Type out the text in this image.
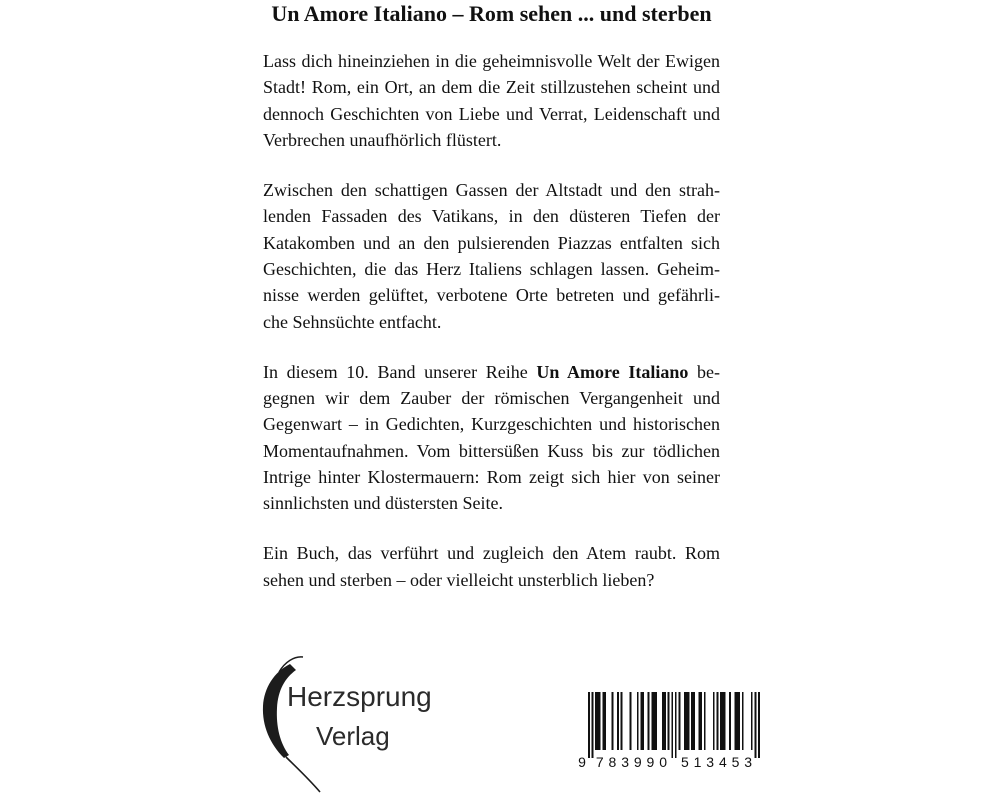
Un Amore Italiano – Rom sehen ... und sterben
Lass dich hineinziehen in die geheimnisvolle Welt der Ewigen
Stadt! Rom, ein Ort, an dem die Zeit stillzustehen scheint und
dennoch Geschichten von Liebe und Verrat, Leidenschaft und
Verbrechen unaufhörlich flüstert.
Zwischen den schattigen Gassen der Altstadt und den strah-
lenden Fassaden des Vatikans, in den düsteren Tiefen der
Katakomben und an den pulsierenden Piazzas entfalten sich
Geschichten, die das Herz Italiens schlagen lassen. Geheim-
nisse werden gelüftet, verbotene Orte betreten und gefährli-
che Sehnsüchte entfacht.
In diesem 10. Band unserer Reihe Un Amore Italiano be-
gegnen wir dem Zauber der römischen Vergangenheit und
Gegenwart – in Gedichten, Kurzgeschichten und historischen
Momentaufnahmen. Vom bittersüßen Kuss bis zur tödlichen
Intrige hinter Klostermauern: Rom zeigt sich hier von seiner
sinnlichsten und düstersten Seite.
Ein Buch, das verführt und zugleich den Atem raubt. Rom
sehen und sterben – oder vielleicht unsterblich lieben?
Herzsprung
Verlag
9 783990 513453
